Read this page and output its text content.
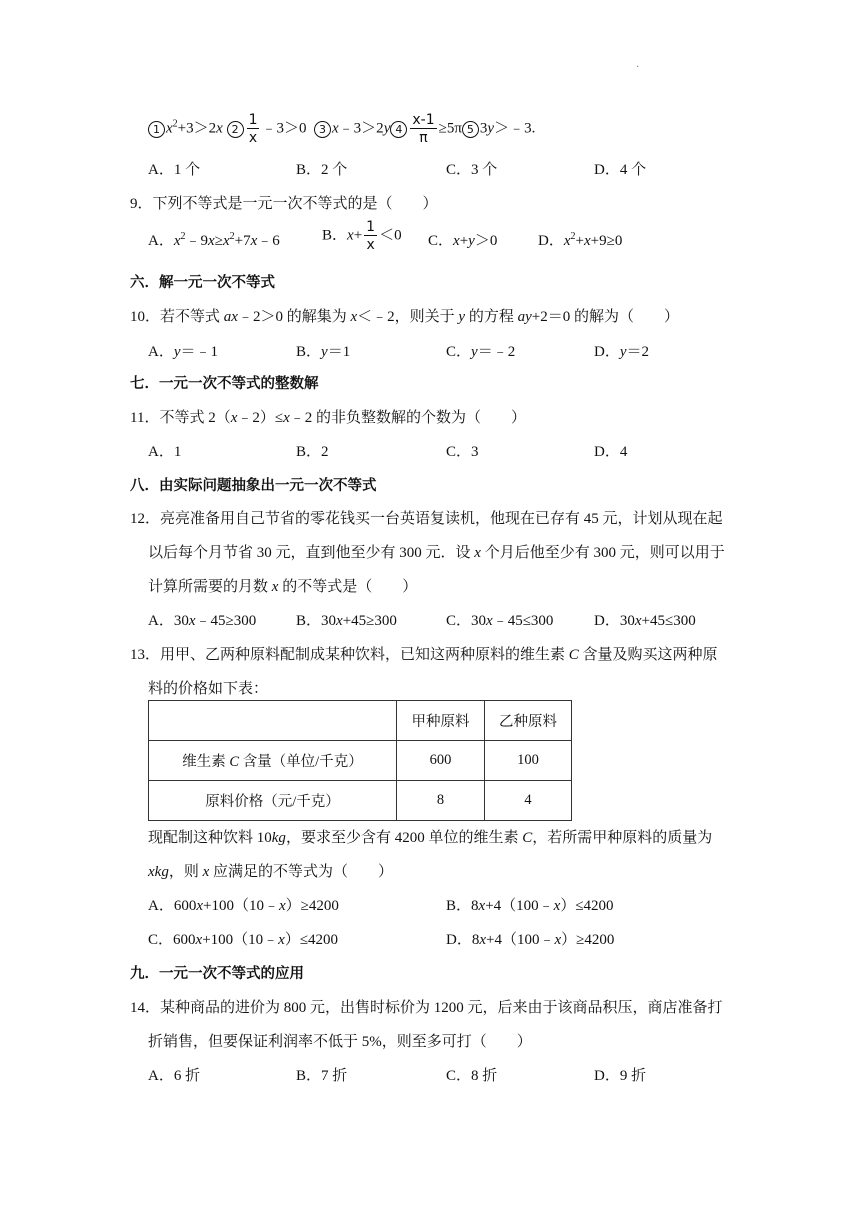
·
1 $x^2+3>2x$ $2 \frac{1}{x}$ ﹣3＞0 3 x﹣3＞2y $4 \frac{x-1}{\pi} \ge 5\pi$ 5 3y＞﹣3.
A．1 个	B．2 个	C．3 个	D．4 个
9．下列不等式是一元一次不等式的是（　　）
A．$x^2﹣9x\ge x^2+7x﹣6$	B．$x+ \frac{1}{x} <0$ C．x+y＞0	D．$x^2+x+9\ge 0$
六．解一元一次不等式
10．若不等式 ax﹣2＞0 的解集为 x＜﹣2，则关于 y 的方程 ay+2＝0 的解为（　　）
A．y＝﹣1	B．y＝1	C．y＝﹣2	D．y＝2
七．一元一次不等式的整数解
11．不等式 2（x﹣2）≤x﹣2 的非负整数解的个数为（　　）
A．1	B．2	C．3	D．4
八．由实际问题抽象出一元一次不等式
12．亮亮准备用自己节省的零花钱买一台英语复读机，他现在已存有 45 元，计划从现在起
以后每个月节省 30 元，直到他至少有 300 元．设 x 个月后他至少有 300 元，则可以用于
计算所需要的月数 x 的不等式是（　　）
A．30x﹣45≥300	B．30x+45≥300	C．30x﹣45≤300	D．30x+45≤300
13．用甲、乙两种原料配制成某种饮料，已知这两种原料的维生素 C 含量及购买这两种原
料的价格如下表：
	甲种原料	乙种原料
维生素 C 含量（单位/千克）	600	100
原料价格（元/千克）	8	4
现配制这种饮料 10kg，要求至少含有 4200 单位的维生素 C，若所需甲种原料的质量为
xkg，则 x 应满足的不等式为（　　）
A．600x+100（10﹣x）≥4200	B．8x+4（100﹣x）≤4200
C．600x+100（10﹣x）≤4200	D．8x+4（100﹣x）≥4200
九．一元一次不等式的应用
14．某种商品的进价为 800 元，出售时标价为 1200 元，后来由于该商品积压，商店准备打
折销售，但要保证利润率不低于 5%，则至多可打（　　）
A．6 折	B．7 折	C．8 折	D．9 折
